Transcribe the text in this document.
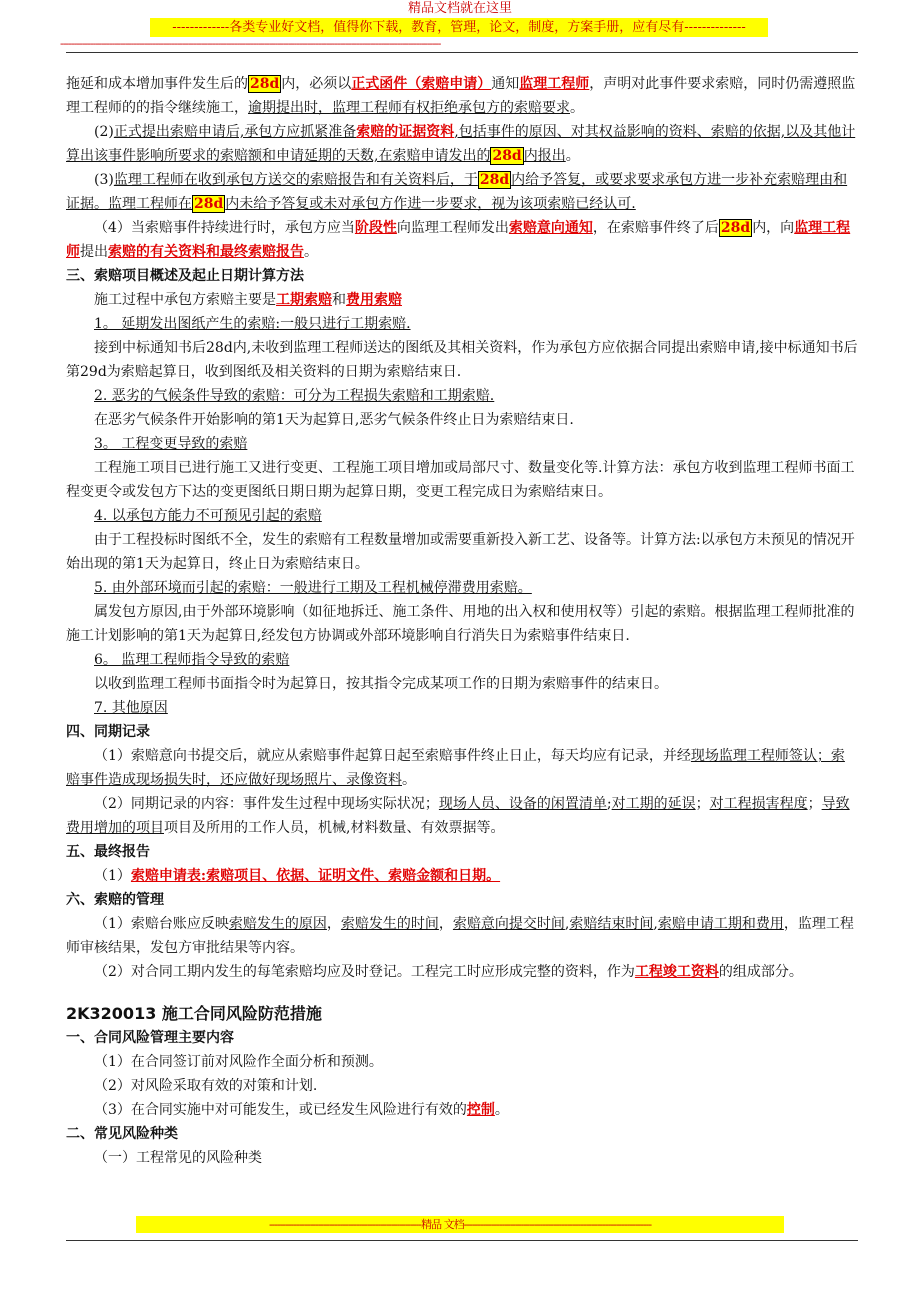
精品文档就在这里
-------------各类专业好文档，值得你下载，教育，管理，论文，制度，方案手册，应有尽有--------------
--------------------------------------------------------------------------------------------------------------------------------------------

拖延和成本增加事件发生后的 28d 内，必须以正式函件（索赔申请）通知监理工程师，声明对此事件要求索赔，同时仍需遵照监理工程师的的指令继续施工，逾期提出时，监理工程师有权拒绝承包方的索赔要求。

(2)正式提出索赔申请后,承包方应抓紧准备索赔的证据资料,包括事件的原因、对其权益影响的资料、索赔的依据,以及其他计算出该事件影响所要求的索赔额和申请延期的天数,在索赔申请发出的 28d 内报出。

(3)监理工程师在收到承包方送交的索赔报告和有关资料后，于 28d 内给予答复，或要求要求承包方进一步补充索赔理由和证据。监理工程师在 28d 内未给予答复或未对承包方作进一步要求，视为该项索赔已经认可.

（4）当索赔事件持续进行时，承包方应当阶段性向监理工程师发出索赔意向通知，在索赔事件终了后 28d 内，向监理工程师提出索赔的有关资料和最终索赔报告。

三、索赔项目概述及起止日期计算方法

施工过程中承包方索赔主要是工期索赔和费用索赔

1。 延期发出图纸产生的索赔:一般只进行工期索赔.

接到中标通知书后28d内,未收到监理工程师送达的图纸及其相关资料，作为承包方应依据合同提出索赔申请,接中标通知书后第29d为索赔起算日，收到图纸及相关资料的日期为索赔结束日.

2. 恶劣的气候条件导致的索赔：可分为工程损失索赔和工期索赔.

在恶劣气候条件开始影响的第1天为起算日,恶劣气候条件终止日为索赔结束日.

3。 工程变更导致的索赔

工程施工项目已进行施工又进行变更、工程施工项目增加或局部尺寸、数量变化等.计算方法：承包方收到监理工程师书面工程变更令或发包方下达的变更图纸日期日期为起算日期，变更工程完成日为索赔结束日。

4. 以承包方能力不可预见引起的索赔

由于工程投标时图纸不全，发生的索赔有工程数量增加或需要重新投入新工艺、设备等。计算方法:以承包方未预见的情况开始出现的第1天为起算日，终止日为索赔结束日。

5. 由外部环境而引起的索赔：一般进行工期及工程机械停滞费用索赔。

属发包方原因,由于外部环境影响（如征地拆迁、施工条件、用地的出入权和使用权等）引起的索赔。根据监理工程师批准的施工计划影响的第1天为起算日,经发包方协调或外部环境影响自行消失日为索赔事件结束日.

6。 监理工程师指令导致的索赔

以收到监理工程师书面指令时为起算日，按其指令完成某项工作的日期为索赔事件的结束日。

7. 其他原因

四、同期记录

（1）索赔意向书提交后，就应从索赔事件起算日起至索赔事件终止日止，每天均应有记录，并经现场监理工程师签认；索赔事件造成现场损失时，还应做好现场照片、录像资料。

（2）同期记录的内容：事件发生过程中现场实际状况；现场人员、设备的闲置清单;对工期的延误；对工程损害程度；导致费用增加的项目项目及所用的工作人员，机械,材料数量、有效票据等。

五、最终报告

（1）索赔申请表:索赔项目、依据、证明文件、索赔金额和日期。

六、索赔的管理

（1）索赔台账应反映索赔发生的原因，索赔发生的时间，索赔意向提交时间,索赔结束时间,索赔申请工期和费用，监理工程师审核结果，发包方审批结果等内容。

（2）对合同工期内发生的每笔索赔均应及时登记。工程完工时应形成完整的资料，作为工程竣工资料的组成部分。

2K320013 施工合同风险防范措施

一、合同风险管理主要内容

（1）在合同签订前对风险作全面分析和预测。

（2）对风险采取有效的对策和计划.

（3）在合同实施中对可能发生，或已经发生风险进行有效的控制。

二、常见风险种类

（一）工程常见的风险种类

--------------------------------------------------------精品 文档---------------------------------------------------------------------
